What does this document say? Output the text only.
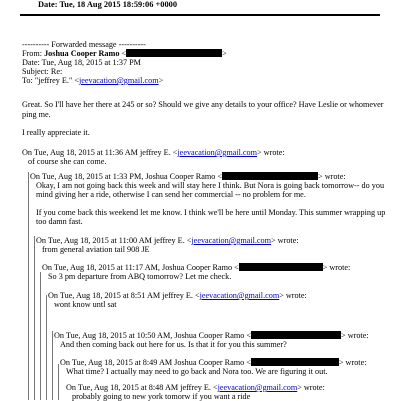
Date: Tue, 18 Aug 2015 18:59:06 +0000
---------- Forwarded message ----------
From: Joshua Cooper Ramo <	>
Date: Tue, Aug 18, 2015 at 1:37 PM
Subject: Re:
To: "jeffrey E." <jeevacation@gmail.com>
Great. So I'll have her there at 245 or so? Should we give any details to your office? Have Leslie or whomever
ping me.
I really appreciate it.
On Tue, Aug 18, 2015 at 11:36 AM jeffrey E. <jeevacation@gmail.com> wrote:
of course she can come.
On Tue, Aug 18, 2015 at 1:33 PM, Joshua Cooper Ramo <	> wrote:
Okay, I am not going back this week and will stay here I think. But Nora is going back tomorrow-- do you
mind giving her a ride, otherwise I can send her commercial -- no problem for me.
If you come back this weekend let me know. I think we'll be here until Monday. This summer wrapping up
too damn fast.
On Tue, Aug 18, 2015 at 11:00 AM jeffrey E. <jeevacation@gmail.com> wrote:
from general aviation tail 908 JE
On Tue, Aug 18, 2015 at 11:17 AM, Joshua Cooper Ramo <	> wrote:
So 3 pm departure from ABQ tomorrow? Let me check.
On Tue, Aug 18, 2015 at 8:51 AM jeffrey E. <jeevacation@gmail.com> wrote:
wont know untl sat
On Tue, Aug 18, 2015 at 10:50 AM, Joshua Cooper Ramo <	> wrote:
And then coming back out here for us. Is that it for you this summer?
On Tue, Aug 18, 2015 at 8:49 AM Joshua Cooper Ramo <	> wrote:
What time? I actually may need to go back and Nora too. We are figuring it out.
On Tue, Aug 18, 2015 at 8:48 AM jeffrey E. <jeevacation@gmail.com> wrote:
probably going to new york tomorw if you want a ride
